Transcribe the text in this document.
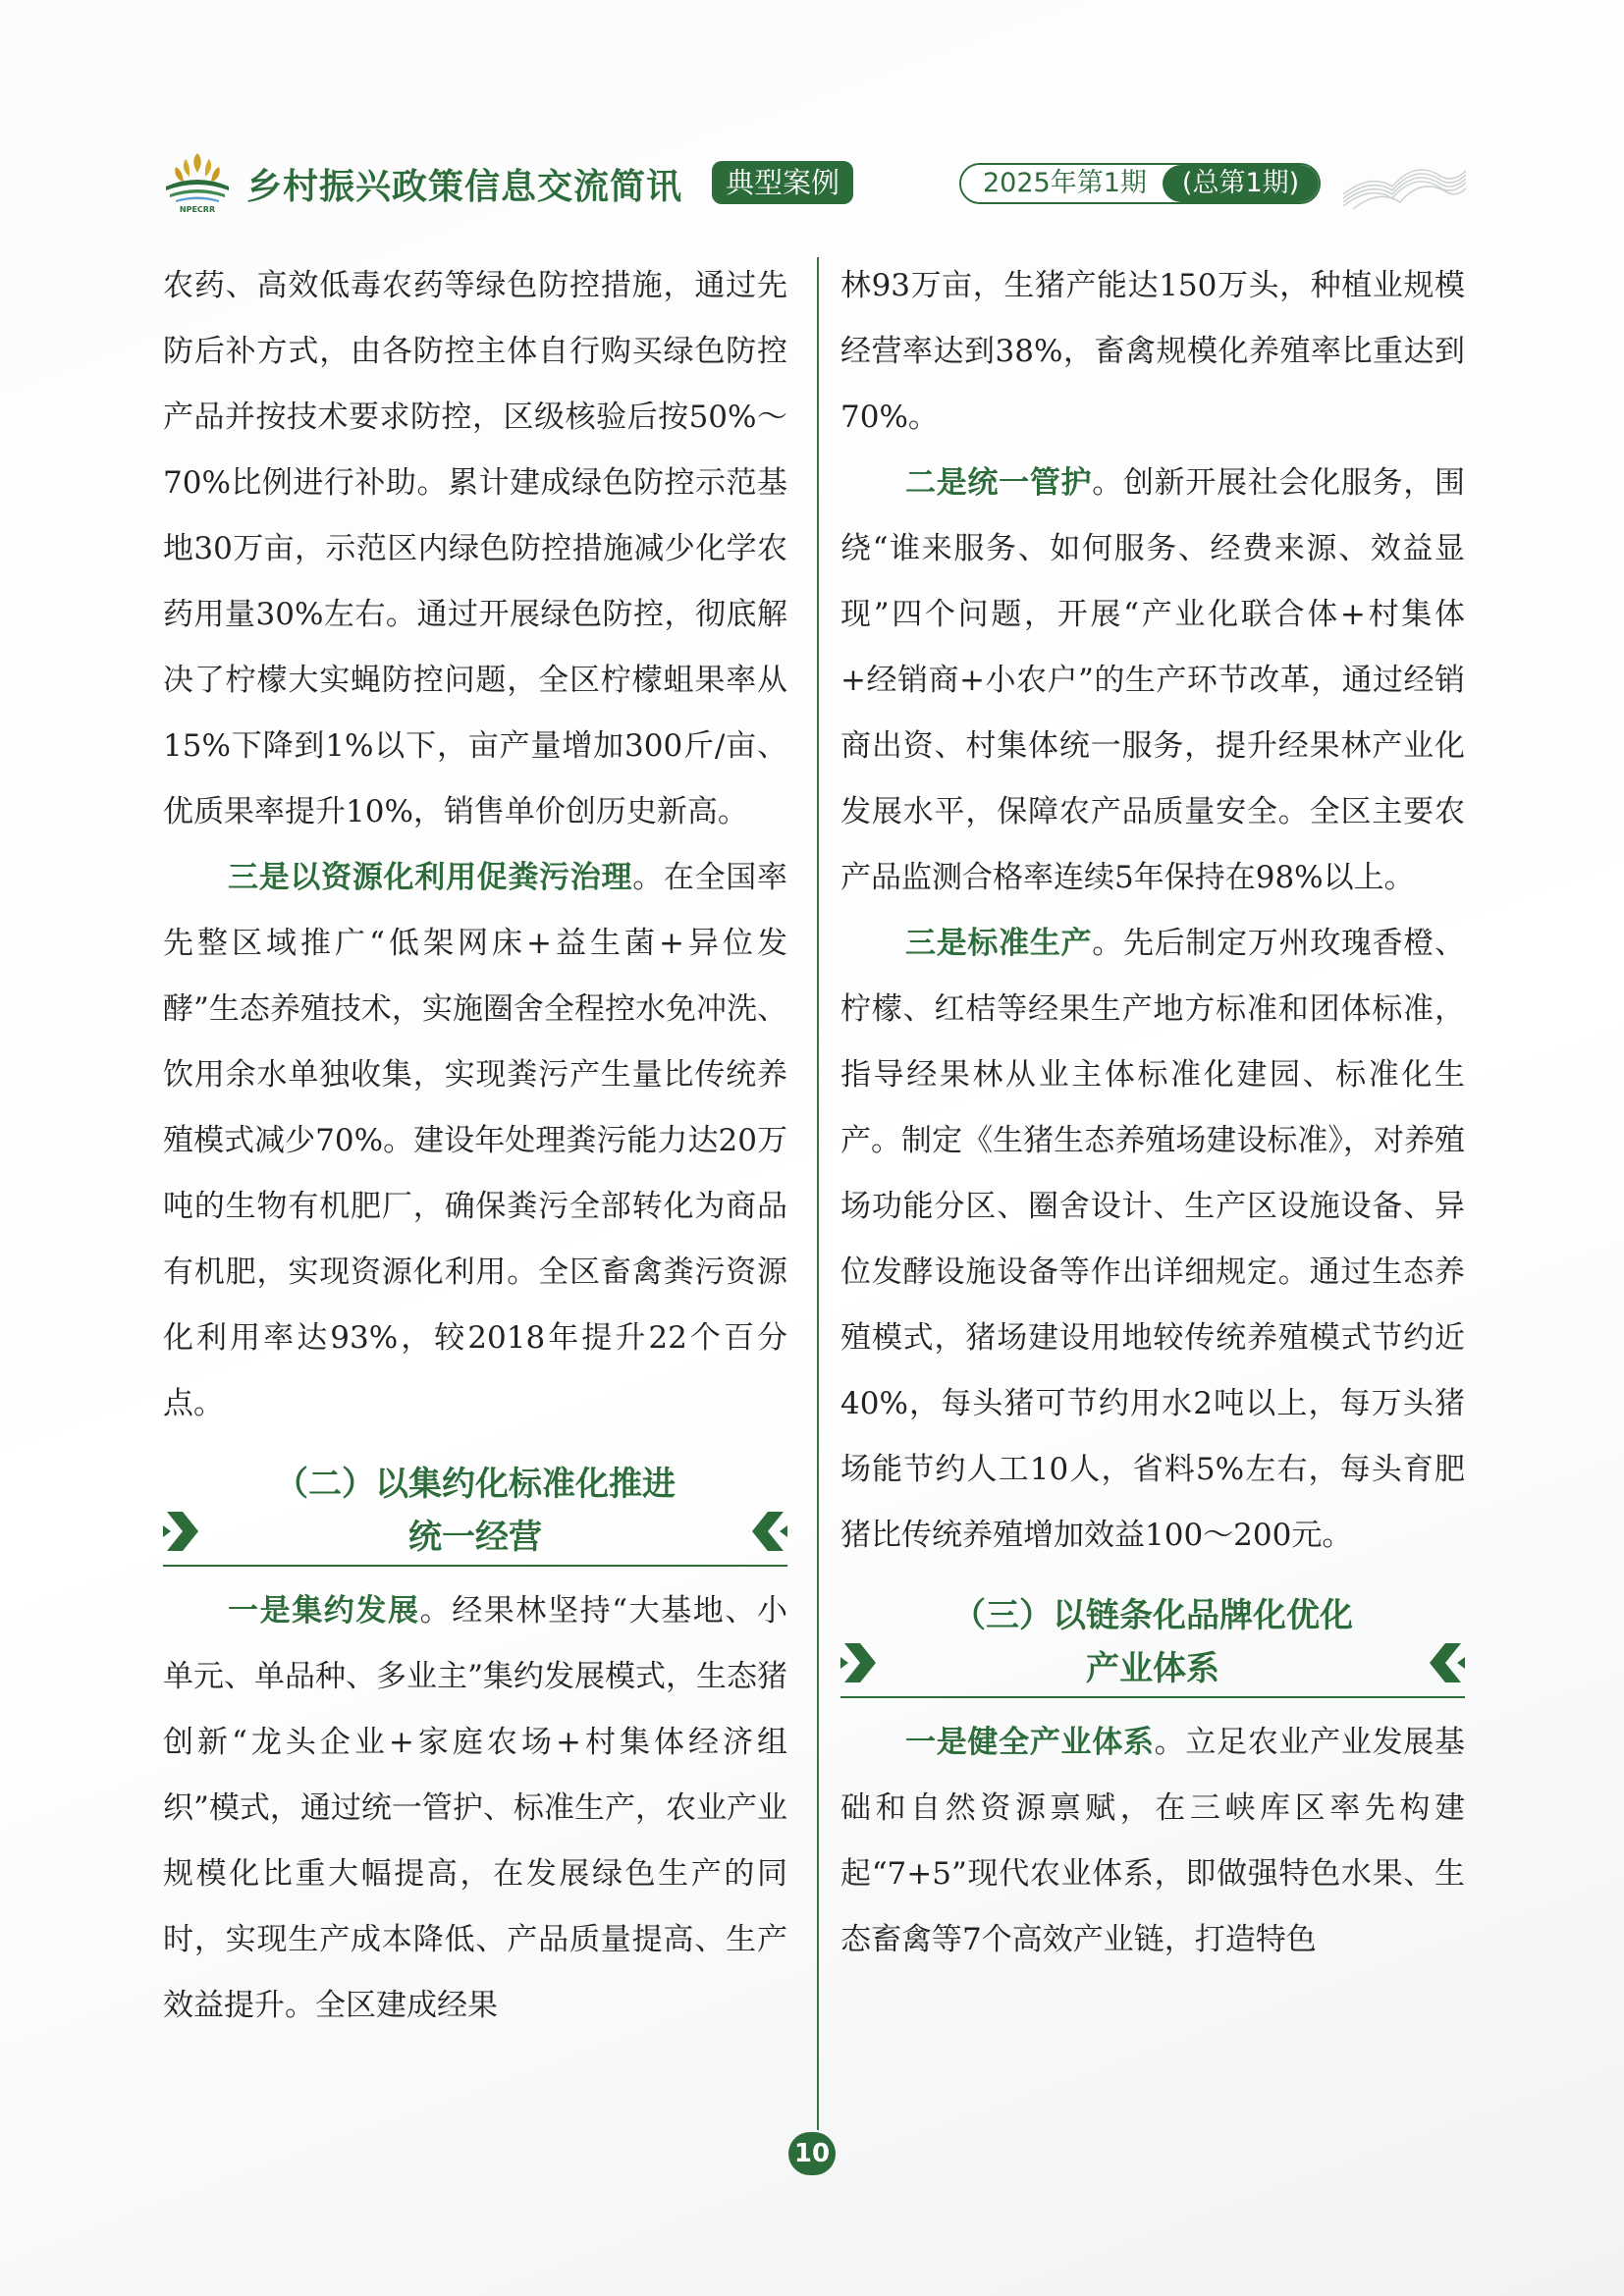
NPECRR
乡村振兴政策信息交流简讯	典型案例	2025年第1期	(总第1期)

农药、高效低毒农药等绿色防控措施，通过先防后补方式，由各防控主体自行购买绿色防控产品并按技术要求防控，区级核验后按50%～70%比例进行补助。累计建成绿色防控示范基地30万亩，示范区内绿色防控措施减少化学农药用量30%左右。通过开展绿色防控，彻底解决了柠檬大实蝇防控问题，全区柠檬蛆果率从15%下降到1%以下，亩产量增加300斤/亩、优质果率提升10%，销售单价创历史新高。

三是以资源化利用促粪污治理。在全国率先整区域推广“低架网床+益生菌+异位发酵”生态养殖技术，实施圈舍全程控水免冲洗、饮用余水单独收集，实现粪污产生量比传统养殖模式减少70%。建设年处理粪污能力达20万吨的生物有机肥厂，确保粪污全部转化为商品有机肥，实现资源化利用。全区畜禽粪污资源化利用率达93%，较2018年提升22个百分点。

（二）以集约化标准化推进
统一经营

一是集约发展。经果林坚持“大基地、小单元、单品种、多业主”集约发展模式，生态猪创新“龙头企业+家庭农场+村集体经济组织”模式，通过统一管护、标准生产，农业产业规模化比重大幅提高，在发展绿色生产的同时，实现生产成本降低、产品质量提高、生产效益提升。全区建成经果

林93万亩，生猪产能达150万头，种植业规模经营率达到38%，畜禽规模化养殖率比重达到70%。

二是统一管护。创新开展社会化服务，围绕“谁来服务、如何服务、经费来源、效益显现”四个问题，开展“产业化联合体+村集体+经销商+小农户”的生产环节改革，通过经销商出资、村集体统一服务，提升经果林产业化发展水平，保障农产品质量安全。全区主要农产品监测合格率连续5年保持在98%以上。

三是标准生产。先后制定万州玫瑰香橙、柠檬、红桔等经果生产地方标准和团体标准，指导经果林从业主体标准化建园、标准化生产。制定《生猪生态养殖场建设标准》，对养殖场功能分区、圈舍设计、生产区设施设备、异位发酵设施设备等作出详细规定。通过生态养殖模式，猪场建设用地较传统养殖模式节约近40%，每头猪可节约用水2吨以上，每万头猪场能节约人工10人，省料5%左右，每头育肥猪比传统养殖增加效益100～200元。

（三）以链条化品牌化优化
产业体系

一是健全产业体系。立足农业产业发展基础和自然资源禀赋，在三峡库区率先构建起“7+5”现代农业体系，即做强特色水果、生态畜禽等7个高效产业链，打造特色

10
